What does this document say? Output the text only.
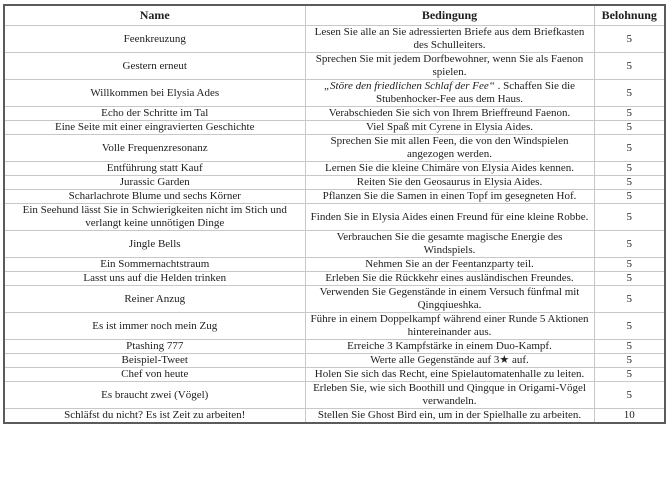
Name	Bedingung	Belohnung
Feenkreuzung	Lesen Sie alle an Sie adressierten Briefe aus dem Briefkasten des Schulleiters.	5
Gestern erneut	Sprechen Sie mit jedem Dorfbewohner, wenn Sie als Faenon spielen.	5
Willkommen bei Elysia Ades	„Störe den friedlichen Schlaf der Fee“ . Schaffen Sie die Stubenhocker-Fee aus dem Haus.	5
Echo der Schritte im Tal	Verabschieden Sie sich von Ihrem Brieffreund Faenon.	5
Eine Seite mit einer eingravierten Geschichte	Viel Spaß mit Cyrene in Elysia Aides.	5
Volle Frequenzresonanz	Sprechen Sie mit allen Feen, die von den Windspielen angezogen werden.	5
Entführung statt Kauf	Lernen Sie die kleine Chimäre von Elysia Aides kennen.	5
Jurassic Garden	Reiten Sie den Geosaurus in Elysia Aides.	5
Scharlachrote Blume und sechs Körner	Pflanzen Sie die Samen in einen Topf im gesegneten Hof.	5
Ein Seehund lässt Sie in Schwierigkeiten nicht im Stich und verlangt keine unnötigen Dinge	Finden Sie in Elysia Aides einen Freund für eine kleine Robbe.	5
Jingle Bells	Verbrauchen Sie die gesamte magische Energie des Windspiels.	5
Ein Sommernachtstraum	Nehmen Sie an der Feentanzparty teil.	5
Lasst uns auf die Helden trinken	Erleben Sie die Rückkehr eines ausländischen Freundes.	5
Reiner Anzug	Verwenden Sie Gegenstände in einem Versuch fünfmal mit Qingqiueshka.	5
Es ist immer noch mein Zug	Führe in einem Doppelkampf während einer Runde 5 Aktionen hintereinander aus.	5
Ptashing 777	Erreiche 3 Kampfstärke in einem Duo-Kampf.	5
Beispiel-Tweet	Werte alle Gegenstände auf 3★ auf.	5
Chef von heute	Holen Sie sich das Recht, eine Spielautomatenhalle zu leiten.	5
Es braucht zwei (Vögel)	Erleben Sie, wie sich Boothill und Qingque in Origami-Vögel verwandeln.	5
Schläfst du nicht? Es ist Zeit zu arbeiten!	Stellen Sie Ghost Bird ein, um in der Spielhalle zu arbeiten.	10
